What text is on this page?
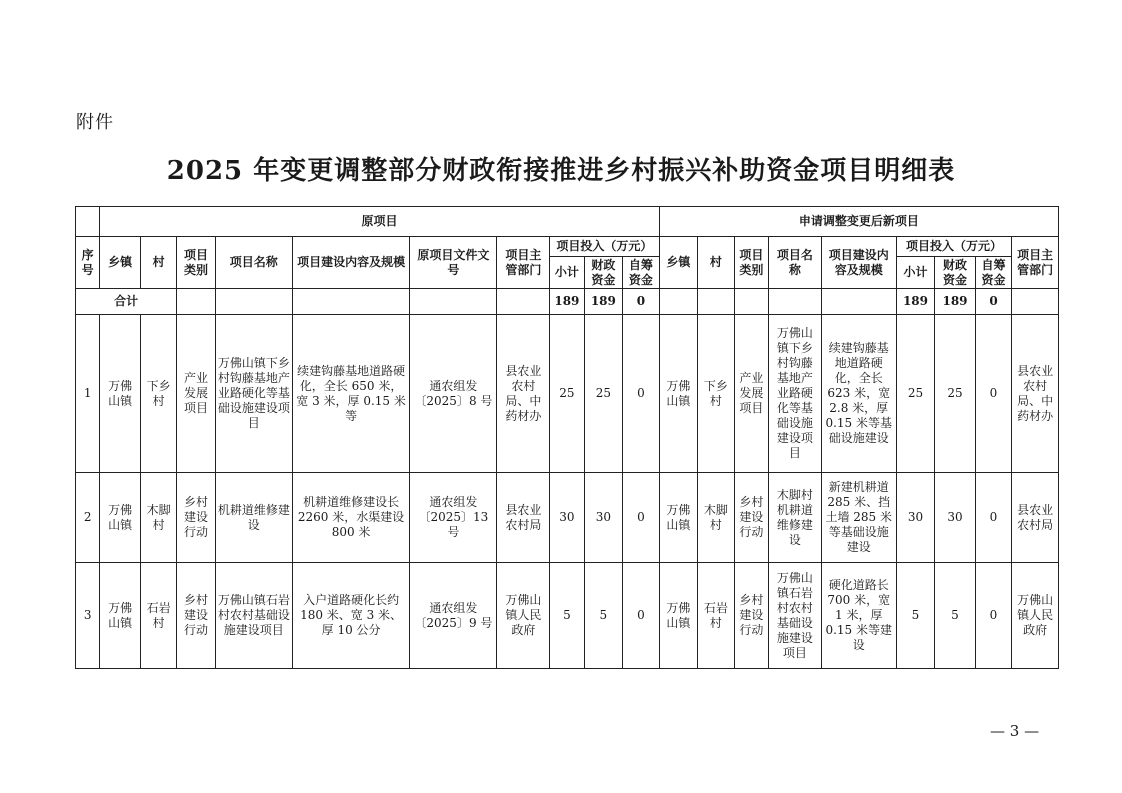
附件
2025 年变更调整部分财政衔接推进乡村振兴补助资金项目明细表
	原项目										申请调整变更后新项目								
序号	乡镇	村	项目类别	项目名称	项目建设内容及规模	原项目文件文号	项目主管部门	项目投入（万元）			乡镇	村	项目类别	项目名称	项目建设内容及规模	项目投入（万元）			项目主管部门
								小计	财政资金	自筹资金						小计	财政资金	自筹资金	
合计								189	189	0						189	189	0	
1	万佛山镇	下乡村	产业发展项目	万佛山镇下乡村钩藤基地产业路硬化等基础设施建设项目	续建钩藤基地道路硬化，全长 650 米，宽 3 米，厚 0.15 米等	通农组发〔2025〕8 号	县农业农村局、中药材办	25	25	0	万佛山镇	下乡村	产业发展项目	万佛山镇下乡村钩藤基地产业路硬化等基础设施建设项目	续建钩藤基地道路硬化，全长 623 米，宽 2.8 米，厚 0.15 米等基础设施建设	25	25	0	县农业农村局、中药材办
2	万佛山镇	木脚村	乡村建设行动	机耕道维修建设	机耕道维修建设长 2260 米，水渠建设 800 米	通农组发〔2025〕13 号	县农业农村局	30	30	0	万佛山镇	木脚村	乡村建设行动	木脚村机耕道维修建设	新建机耕道 285 米、挡土墙 285 米等基础设施建设	30	30	0	县农业农村局
3	万佛山镇	石岩村	乡村建设行动	万佛山镇石岩村农村基础设施建设项目	入户道路硬化长约 180 米、宽 3 米、厚 10 公分	通农组发〔2025〕9 号	万佛山镇人民政府	5	5	0	万佛山镇	石岩村	乡村建设行动	万佛山镇石岩村农村基础设施建设项目	硬化道路长 700 米，宽 1 米，厚 0.15 米等建设	5	5	0	万佛山镇人民政府
— 3 —
